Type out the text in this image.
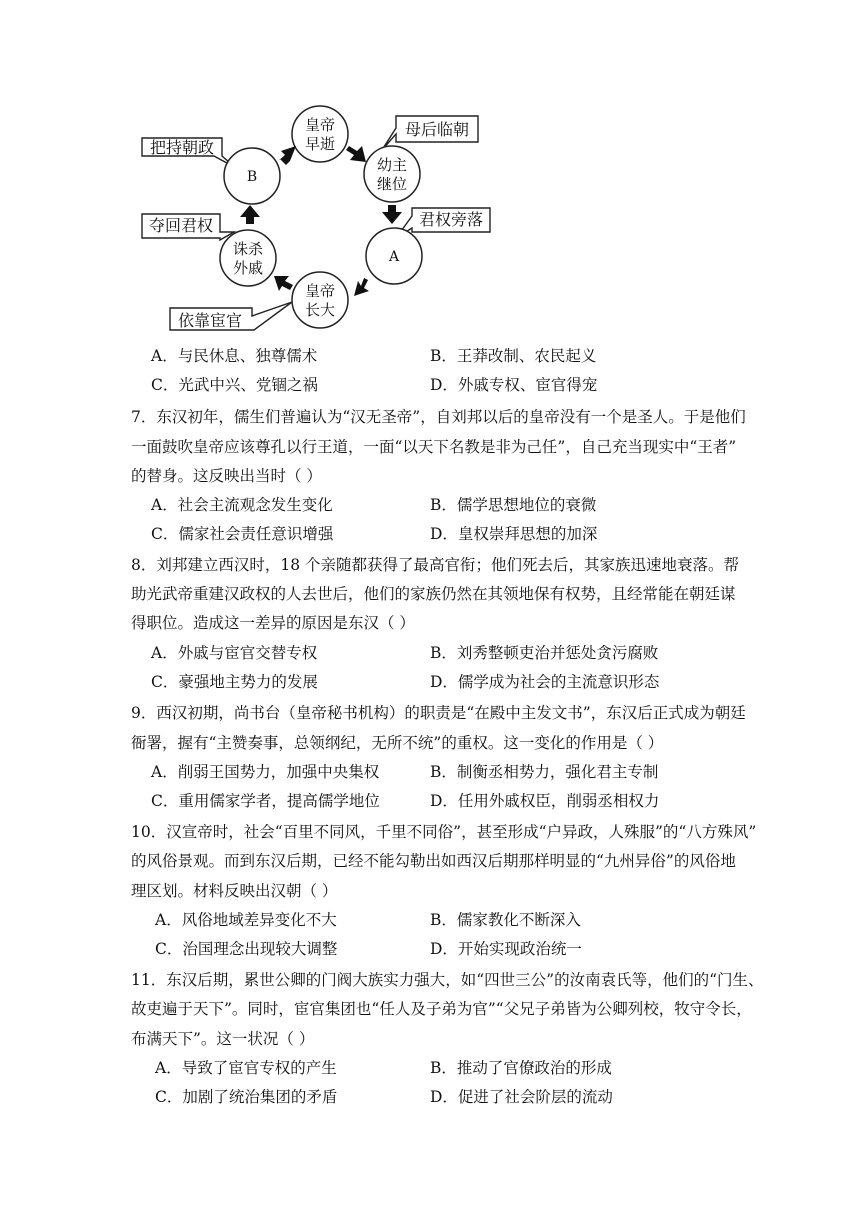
把持朝政
母后临朝
君权旁落
夺回君权
依靠宦官
皇帝
早逝
幼主
继位
A
皇帝
长大
诛杀
外戚
B
A．与民休息、独尊儒术	B．王莽改制、农民起义
C．光武中兴、党锢之祸	D．外戚专权、宦官得宠
7．东汉初年，儒生们普遍认为“汉无圣帝”，自刘邦以后的皇帝没有一个是圣人。于是他们
一面鼓吹皇帝应该尊孔以行王道，一面“以天下名教是非为己任”，自己充当现实中“王者”
的替身。这反映出当时（ ）
A．社会主流观念发生变化	B．儒学思想地位的衰微
C．儒家社会责任意识增强	D．皇权崇拜思想的加深
8．刘邦建立西汉时，18 个亲随都获得了最高官衔；他们死去后，其家族迅速地衰落。帮
助光武帝重建汉政权的人去世后，他们的家族仍然在其领地保有权势，且经常能在朝廷谋
得职位。造成这一差异的原因是东汉（ ）
A．外戚与宦官交替专权	B．刘秀整顿吏治并惩处贪污腐败
C．豪强地主势力的发展	D．儒学成为社会的主流意识形态
9．西汉初期，尚书台（皇帝秘书机构）的职责是“在殿中主发文书”，东汉后正式成为朝廷
衙署，握有“主赞奏事，总领纲纪，无所不统”的重权。这一变化的作用是（ ）
A．削弱王国势力，加强中央集权	B．制衡丞相势力，强化君主专制
C．重用儒家学者，提高儒学地位	D．任用外戚权臣，削弱丞相权力
10．汉宣帝时，社会“百里不同风，千里不同俗”，甚至形成“户异政，人殊服”的“八方殊风”
的风俗景观。而到东汉后期，已经不能勾勒出如西汉后期那样明显的“九州异俗”的风俗地
理区划。材料反映出汉朝（ ）
A．风俗地域差异变化不大	B．儒家教化不断深入
C．治国理念出现较大调整	D．开始实现政治统一
11．东汉后期，累世公卿的门阀大族实力强大，如“四世三公”的汝南袁氏等，他们的“门生、
故吏遍于天下”。同时，宦官集团也“任人及子弟为官”“父兄子弟皆为公卿列校，牧守令长，
布满天下”。这一状况（ ）
A．导致了宦官专权的产生	B．推动了官僚政治的形成
C．加剧了统治集团的矛盾	D．促进了社会阶层的流动
